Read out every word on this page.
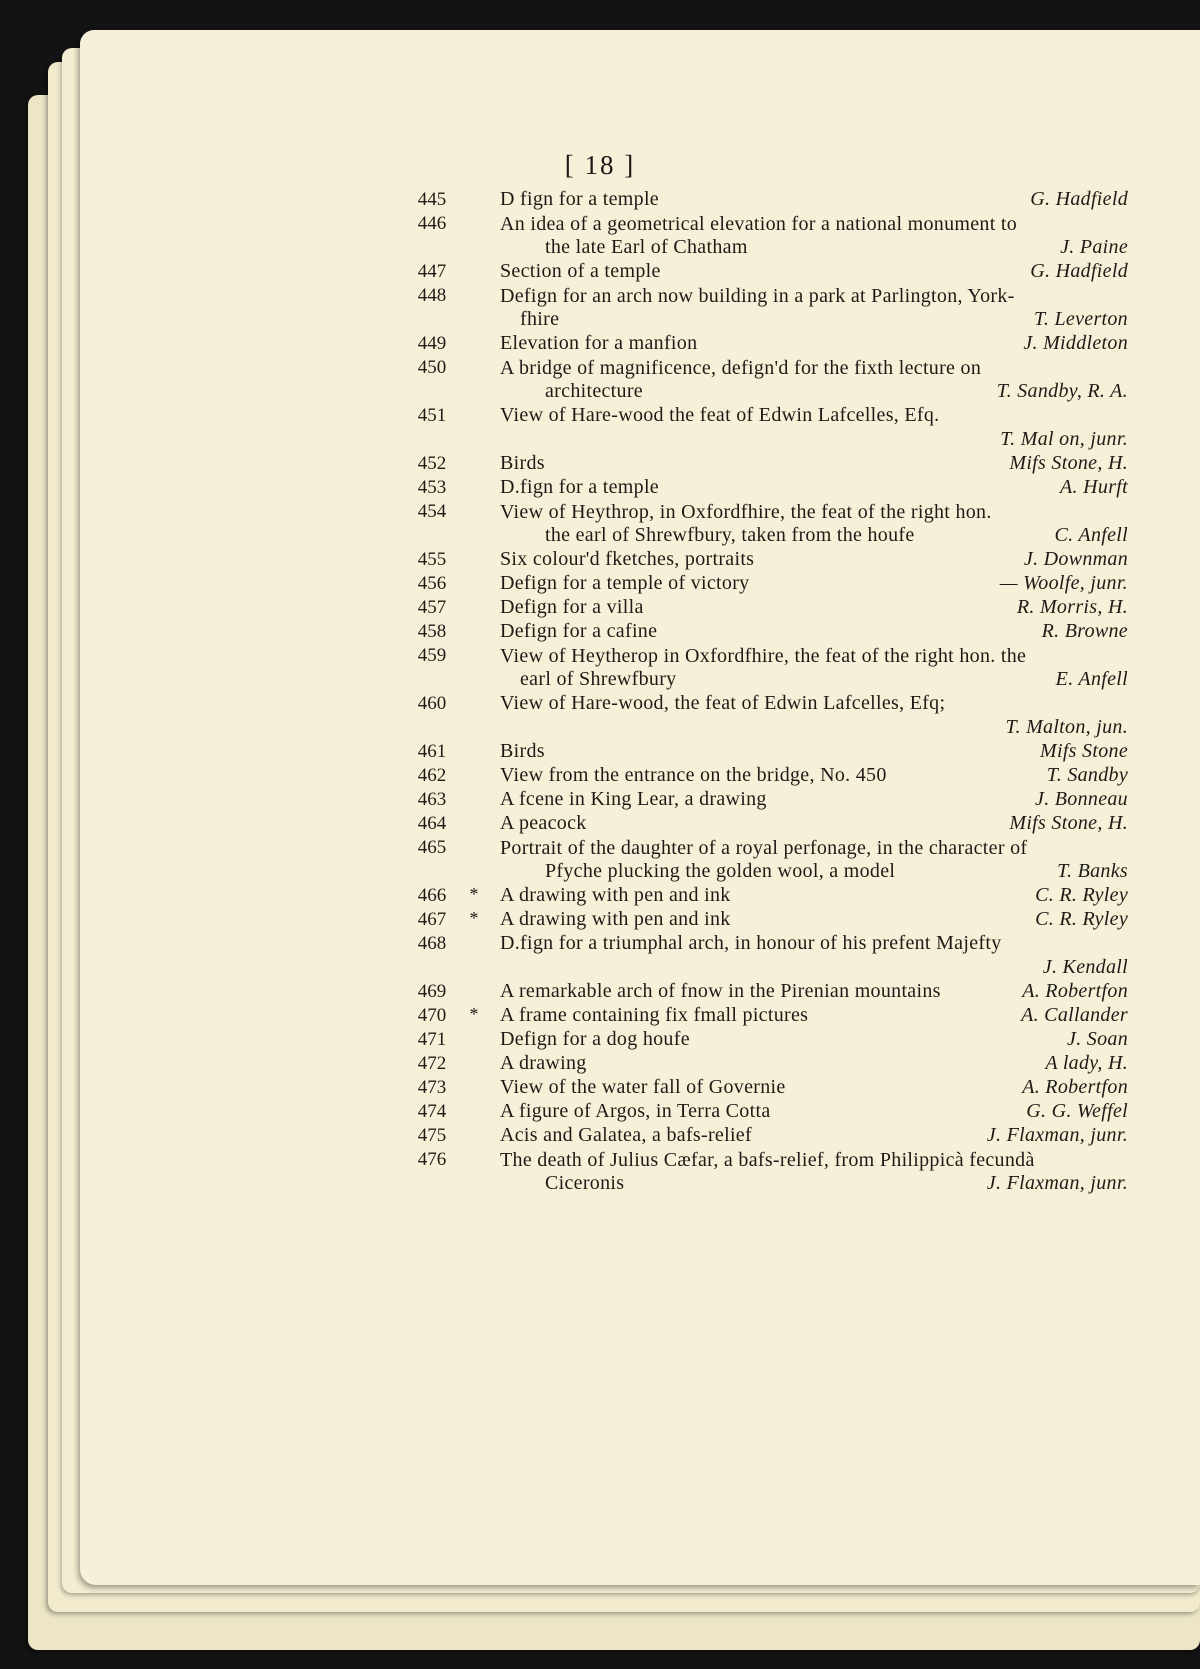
[ 18 ]
445	D fign for a temple	G. Hadfield
446	An idea of a geometrical elevation for a national monument to
the late Earl of Chatham	J. Paine
447	Section of a temple	G. Hadfield
448	Defign for an arch now building in a park at Parlington, York-
fhire	T. Leverton
449	Elevation for a manfion	J. Middleton
450	A bridge of magnificence, defign'd for the fixth lecture on
architecture	T. Sandby, R. A.
451	View of Hare-wood the feat of Edwin Lafcelles, Efq.
T. Mal on, junr.
452	Birds	Mifs Stone, H.
453	D.fign for a temple	A. Hurft
454	View of Heythrop, in Oxfordfhire, the feat of the right hon.
the earl of Shrewfbury, taken from the houfe	C. Anfell
455	Six colour'd fketches, portraits	J. Downman
456	Defign for a temple of victory	— Woolfe, junr.
457	Defign for a villa	R. Morris, H.
458	Defign for a cafine	R. Browne
459	View of Heytherop in Oxfordfhire, the feat of the right hon. the
earl of Shrewfbury	E. Anfell
460	View of Hare-wood, the feat of Edwin Lafcelles, Efq;
T. Malton, jun.
461	Birds	Mifs Stone
462	View from the entrance on the bridge, No. 450	T. Sandby
463	A fcene in King Lear, a drawing	J. Bonneau
464	A peacock	Mifs Stone, H.
465	Portrait of the daughter of a royal perfonage, in the character of
Pfyche plucking the golden wool, a model	T. Banks
466 * A drawing with pen and ink	C. R. Ryley
467 * A drawing with pen and ink	C. R. Ryley
468	D.fign for a triumphal arch, in honour of his prefent Majefty
J. Kendall
469	A remarkable arch of fnow in the Pirenian mountains	A. Robertfon
470 * A frame containing fix fmall pictures	A. Callander
471	Defign for a dog houfe	J. Soan
472	A drawing	A lady, H.
473	View of the water fall of Governie	A. Robertfon
474	A figure of Argos, in Terra Cotta	G. G. Weffel
475	Acis and Galatea, a bafs-relief	J. Flaxman, junr.
476	The death of Julius Cæfar, a bafs-relief, from Philippicà fecundà
Ciceronis	J. Flaxman, junr.
